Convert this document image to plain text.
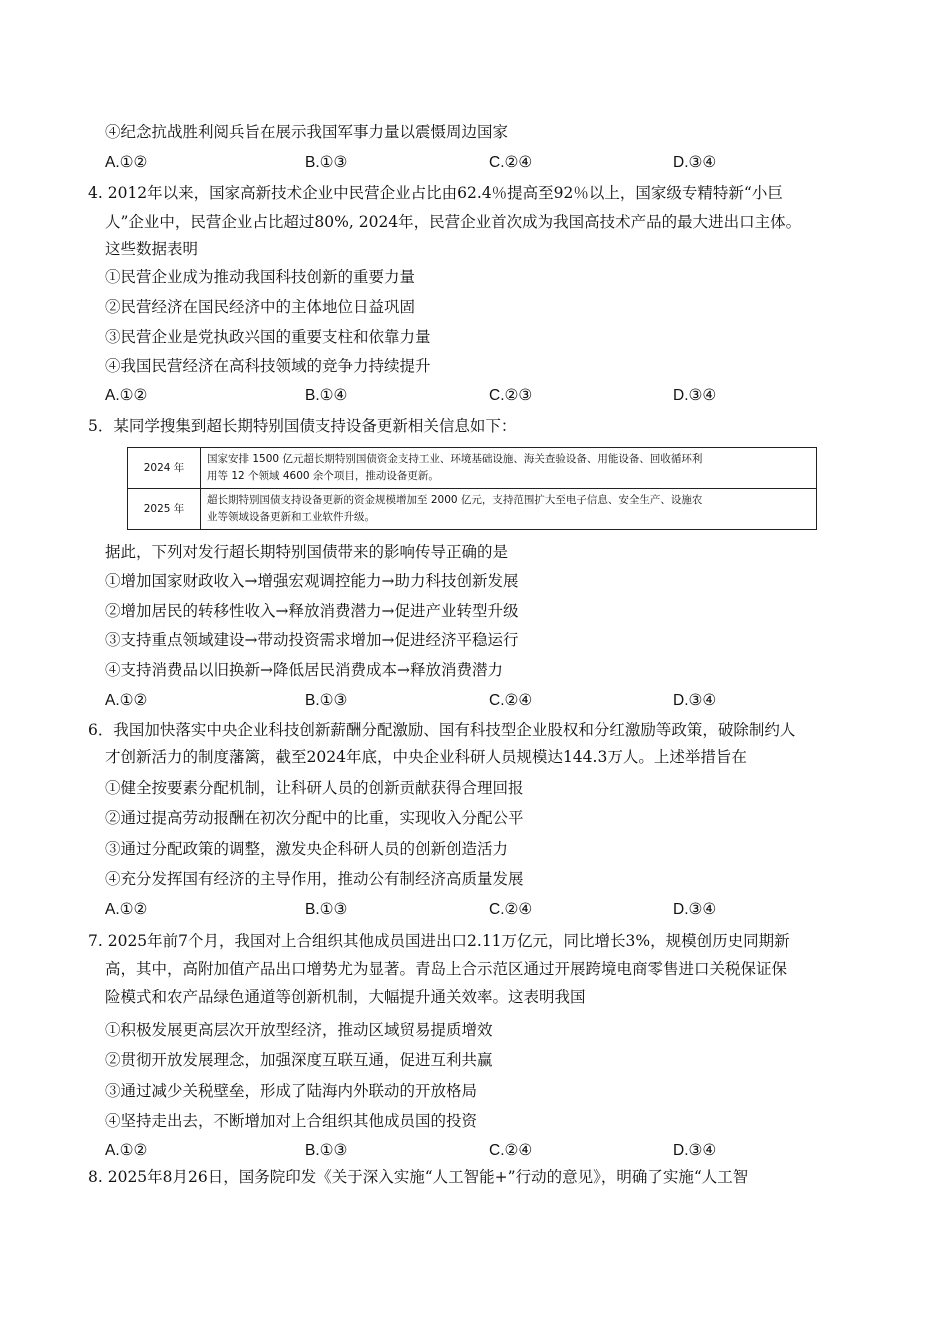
④纪念抗战胜利阅兵旨在展示我国军事力量以震慑周边国家
A.①②	B.①③	C.②④	D.③④
4. 2012年以来，国家高新技术企业中民营企业占比由62.4％提高至92％以上，国家级专精特新“小巨
人”企业中，民营企业占比超过80%, 2024年，民营企业首次成为我国高技术产品的最大进出口主体。
这些数据表明
①民营企业成为推动我国科技创新的重要力量
②民营经济在国民经济中的主体地位日益巩固
③民营企业是党执政兴国的重要支柱和依靠力量
④我国民营经济在高科技领域的竞争力持续提升
A.①②	B.①④	C.②③	D.③④
5．某同学搜集到超长期特别国债支持设备更新相关信息如下：
2024 年	国家安排 1500 亿元超长期特别国债资金支持工业、环境基础设施、海关查验设备、用能设备、回收循环利
用等 12 个领域 4600 余个项目，推动设备更新。

2025 年	超长期特别国债支持设备更新的资金规模增加至 2000 亿元，支持范围扩大至电子信息、安全生产、设施农
业等领域设备更新和工业软件升级。
据此，下列对发行超长期特别国债带来的影响传导正确的是
①增加国家财政收入→增强宏观调控能力→助力科技创新发展
②增加居民的转移性收入→释放消费潜力→促进产业转型升级
③支持重点领域建设→带动投资需求增加→促进经济平稳运行
④支持消费品以旧换新→降低居民消费成本→释放消费潜力
A.①②	B.①③	C.②④	D.③④
6．我国加快落实中央企业科技创新薪酬分配激励、国有科技型企业股权和分红激励等政策，破除制约人
才创新活力的制度藩篱，截至2024年底，中央企业科研人员规模达144.3万人。上述举措旨在
①健全按要素分配机制，让科研人员的创新贡献获得合理回报
②通过提高劳动报酬在初次分配中的比重，实现收入分配公平
③通过分配政策的调整，激发央企科研人员的创新创造活力
④充分发挥国有经济的主导作用，推动公有制经济高质量发展
A.①②	B.①③	C.②④	D.③④
7. 2025年前7个月，我国对上合组织其他成员国进出口2.11万亿元，同比增长3%，规模创历史同期新
高，其中，高附加值产品出口增势尤为显著。青岛上合示范区通过开展跨境电商零售进口关税保证保
险模式和农产品绿色通道等创新机制，大幅提升通关效率。这表明我国
①积极发展更高层次开放型经济，推动区域贸易提质增效
②贯彻开放发展理念，加强深度互联互通，促进互利共赢
③通过减少关税壁垒，形成了陆海内外联动的开放格局
④坚持走出去，不断增加对上合组织其他成员国的投资
A.①②	B.①③	C.②④	D.③④
8. 2025年8月26日，国务院印发《关于深入实施“人工智能+”行动的意见》，明确了实施“人工智
